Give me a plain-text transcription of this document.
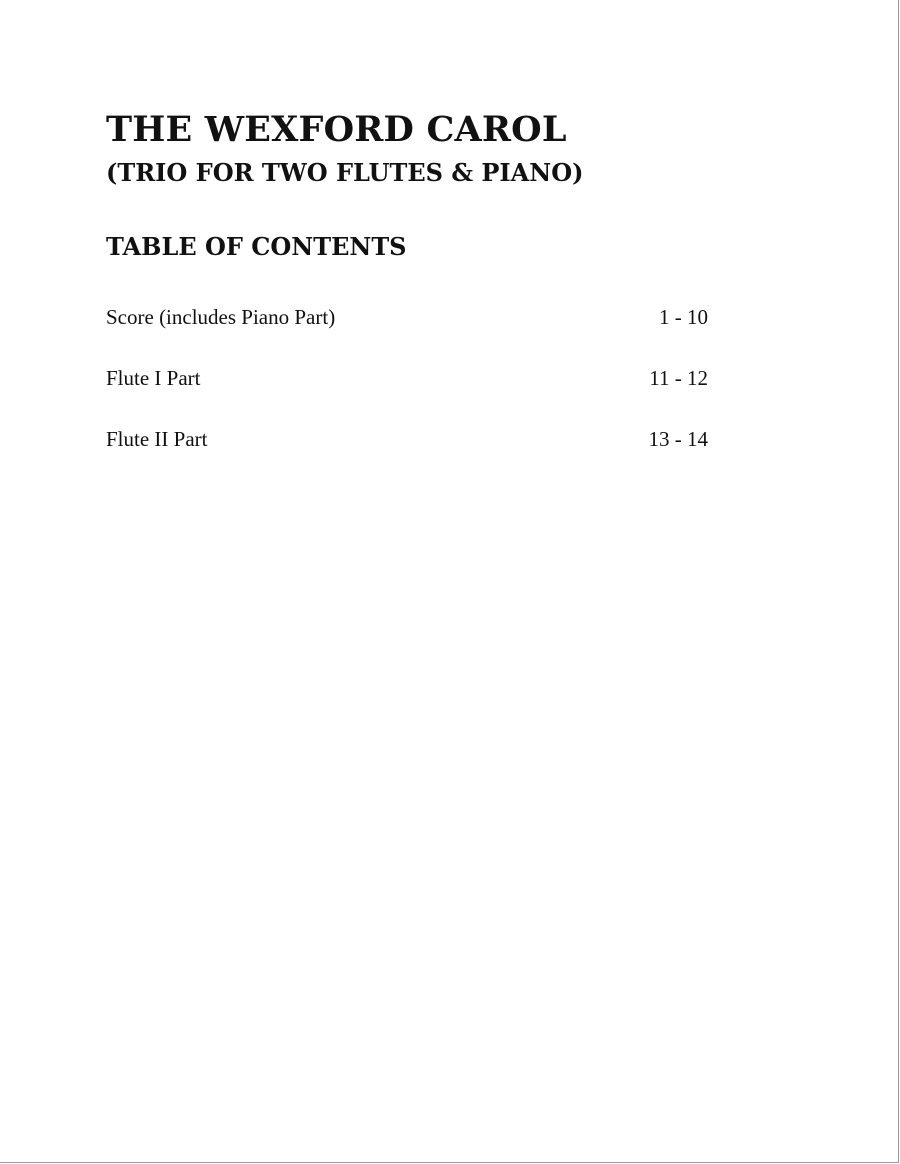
THE WEXFORD CAROL
(TRIO FOR TWO FLUTES & PIANO)
TABLE OF CONTENTS
Score (includes Piano Part)	1 - 10
Flute I Part	11 - 12
Flute II Part	13 - 14
